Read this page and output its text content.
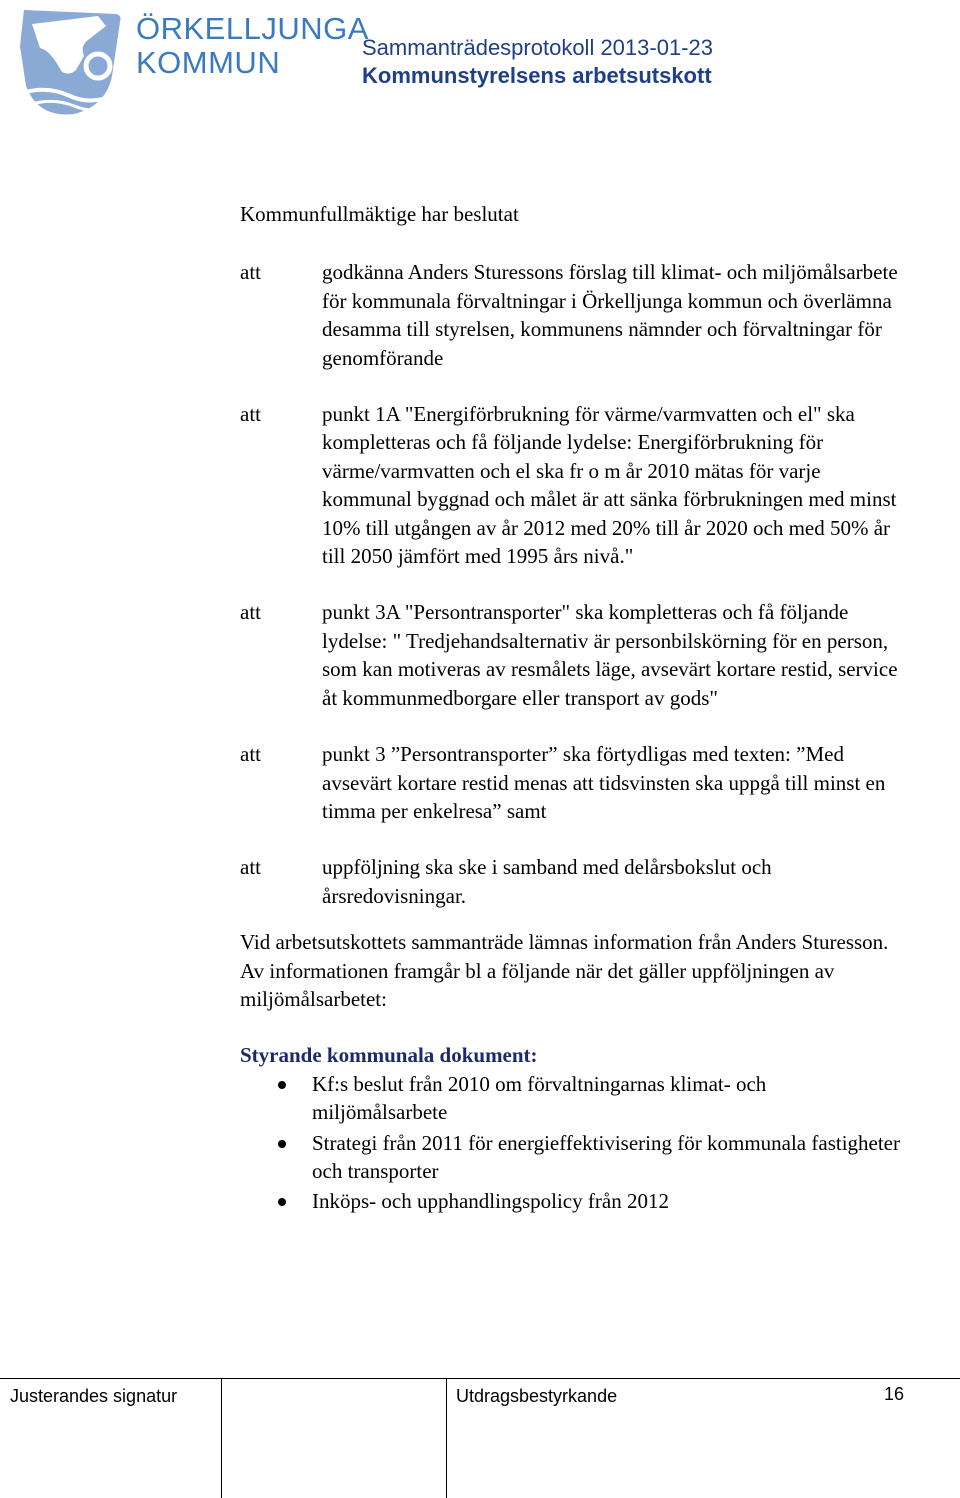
ÖRKELLJUNGA
KOMMUN	Sammanträdesprotokoll 2013-01-23
Kommunstyrelsens arbetsutskott
Kommunfullmäktige har beslutat
att	godkänna Anders Sturessons förslag till klimat- och miljömålsarbete för kommunala förvaltningar i Örkelljunga kommun och överlämna desamma till styrelsen, kommunens nämnder och förvaltningar för genomförande
att	punkt 1A "Energiförbrukning för värme/varmvatten och el" ska kompletteras och få följande lydelse: Energiförbrukning för värme/varmvatten och el ska fr o m år 2010 mätas för varje kommunal byggnad och målet är att sänka förbrukningen med minst 10% till utgången av år 2012 med 20% till år 2020 och med 50% år till 2050 jämfört med 1995 års nivå."
att	punkt 3A "Persontransporter" ska kompletteras och få följande lydelse: " Tredjehandsalternativ är personbilskörning för en person, som kan motiveras av resmålets läge, avsevärt kortare restid, service åt kommunmedborgare eller transport av gods"
att	punkt 3 ”Persontransporter” ska förtydligas med texten: ”Med avsevärt kortare restid menas att tidsvinsten ska uppgå till minst en timma per enkelresa” samt
att	uppföljning ska ske i samband med delårsbokslut och årsredovisningar.
Vid arbetsutskottets sammanträde lämnas information från Anders Sturesson. Av informationen framgår bl a följande när det gäller uppföljningen av miljömålsarbetet:
Styrande kommunala dokument:
Kf:s beslut från 2010 om förvaltningarnas klimat- och miljömålsarbete
Strategi från 2011 för energieffektivisering för kommunala fastigheter och transporter
Inköps- och upphandlingspolicy från 2012
Justerandes signatur	Utdragsbestyrkande	16
